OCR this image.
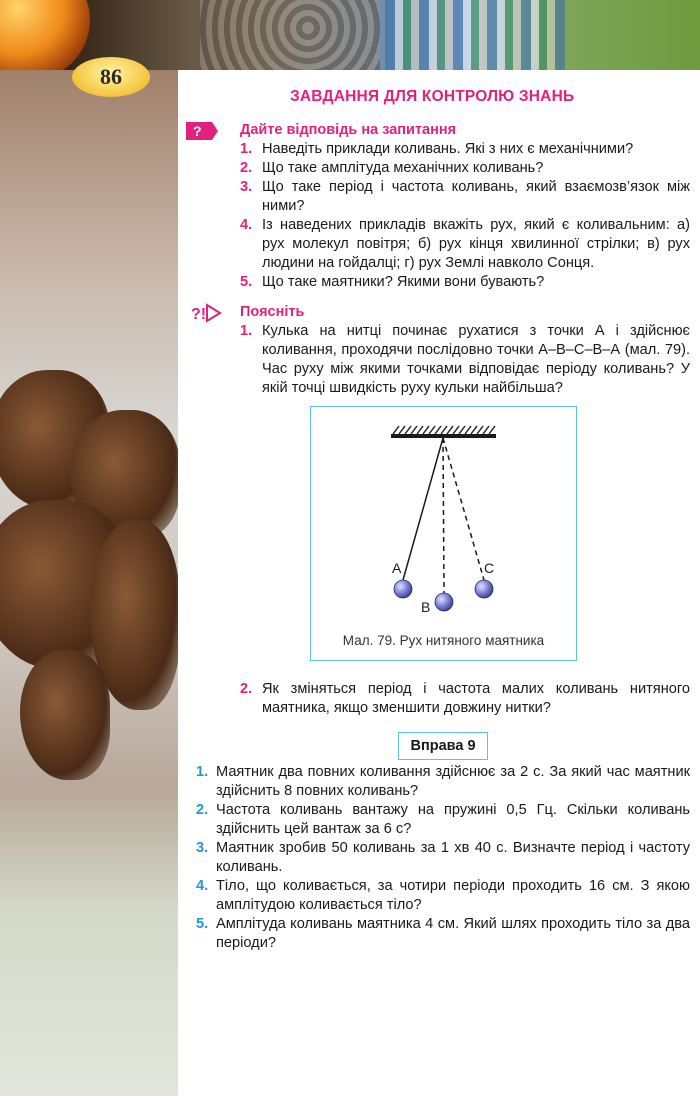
86
ЗАВДАННЯ ДЛЯ КОНТРОЛЮ ЗНАНЬ
?	Дайте відповідь на запитання
1. Наведіть приклади коливань. Які з них є механічними?
2. Що таке амплітуда механічних коливань?
3. Що таке період і частота коливань, який взаємозв’язок між ними?
4. Із наведених прикладів вкажіть рух, який є коливальним: а) рух молекул повітря; б) рух кінця хвилинної стрілки; в) рух людини на гойдалці; г) рух Землі навколо Сонця.
5. Що таке маятники? Якими вони бувають?
?! Поясніть
1. Кулька на нитці починає рухатися з точки А і здійснює коливання, проходячи послідовно точки А–В–С–В–А (мал. 79). Час руху між якими точками відповідає періоду коливань? У якій точці швидкість руху кульки найбільша?
A
B
C
Мал. 79. Рух нитяного маятника
2. Як зміняться період і частота малих коливань нитяного маятника, якщо зменшити довжину нитки?
Вправа 9
1. Маятник два повних коливання здійснює за 2 с. За який час маятник здійснить 8 повних коливань?
2. Частота коливань вантажу на пружині 0,5 Гц. Скільки коливань здійснить цей вантаж за 6 с?
3. Маятник зробив 50 коливань за 1 хв 40 с. Визначте період і частоту коливань.
4. Тіло, що коливається, за чотири періоди проходить 16 см. З якою амплітудою коливається тіло?
5. Амплітуда коливань маятника 4 см. Який шлях проходить тіло за два періоди?
